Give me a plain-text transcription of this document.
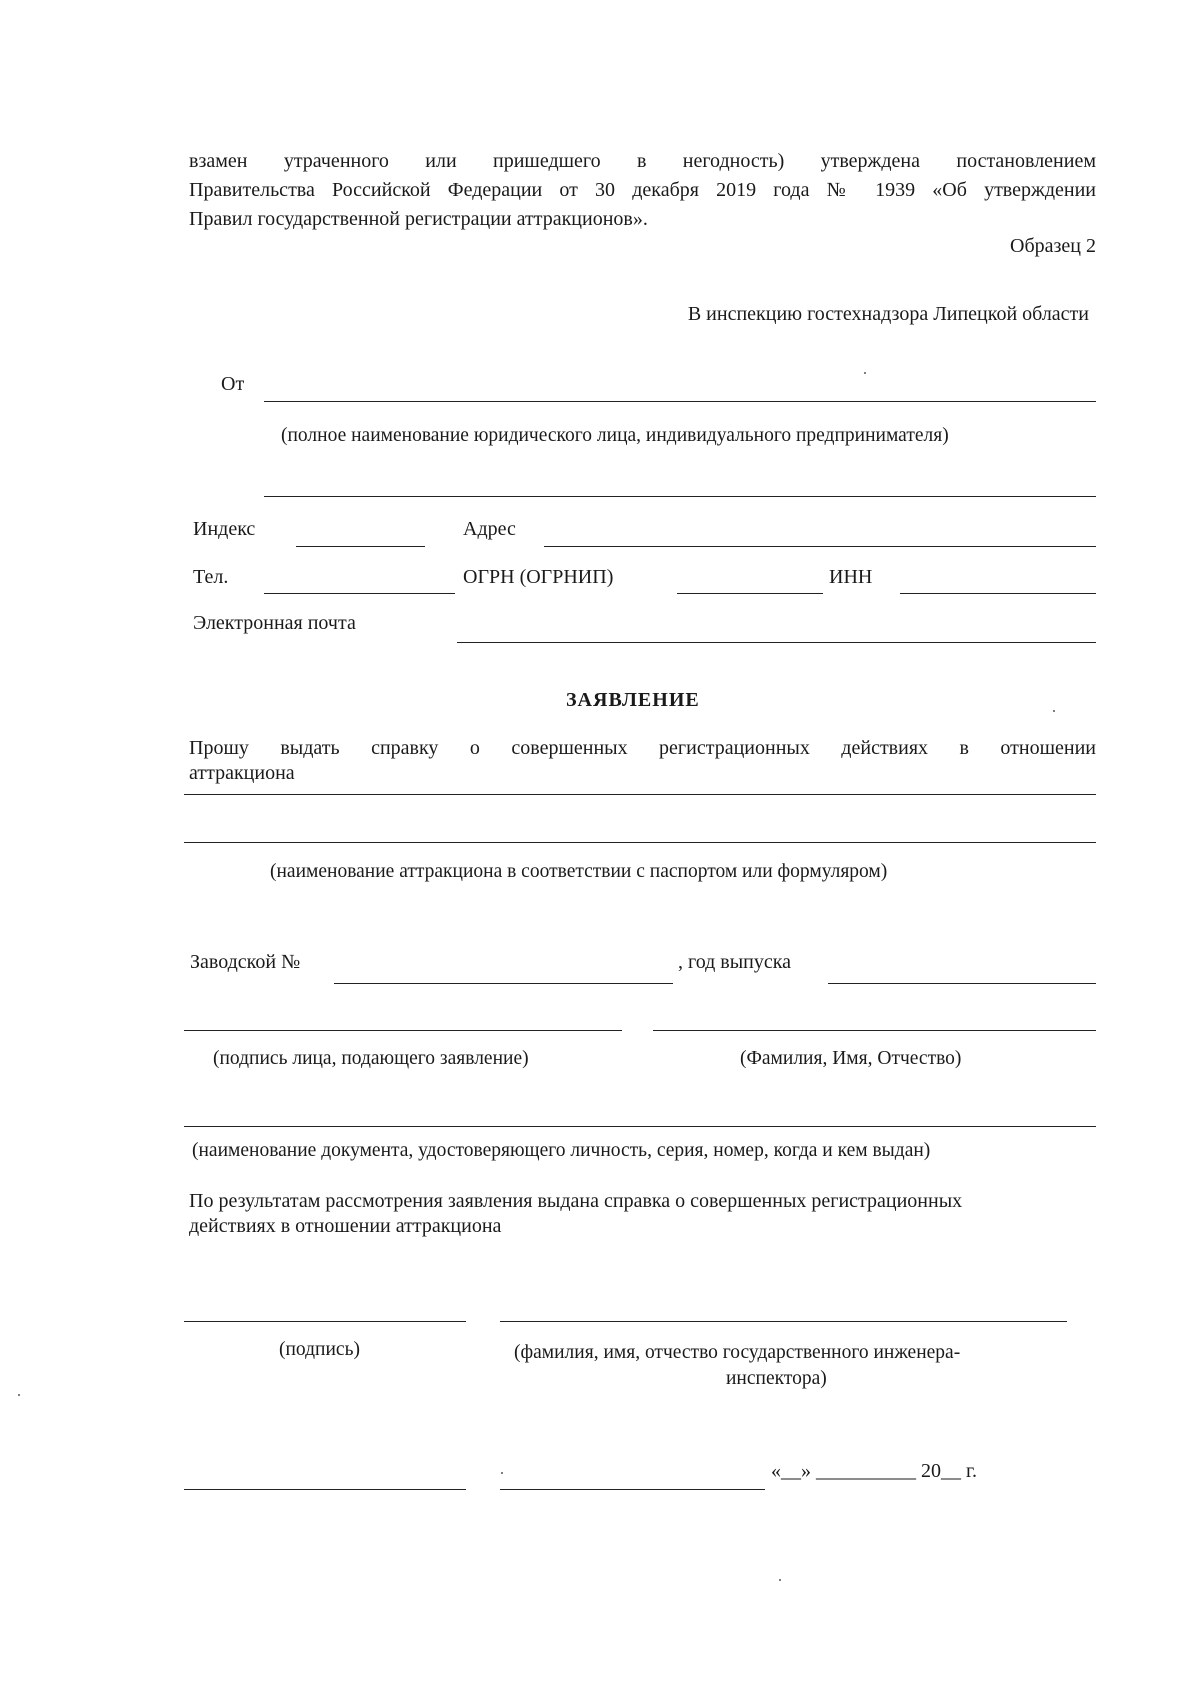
взамен утраченного или пришедшего в негодность) утверждена постановлением
Правительства Российской Федерации от 30 декабря 2019 года № 1939 «Об утверждении
Правил государственной регистрации аттракционов».
Образец 2
В инспекцию гостехнадзора Липецкой области
От
(полное наименование юридического лица, индивидуального предпринимателя)
Индекс	Адрес
Тел.	ОГРН (ОГРНИП)	ИНН
Электронная почта
ЗАЯВЛЕНИЕ
Прошу выдать справку о совершенных регистрационных действиях в отношении
аттракциона
(наименование аттракциона в соответствии с паспортом или формуляром)
Заводской №	, год выпуска
(подпись лица, подающего заявление)	(Фамилия, Имя, Отчество)
(наименование документа, удостоверяющего личность, серия, номер, когда и кем выдан)
По результатам рассмотрения заявления выдана справка о совершенных регистрационных
действиях в отношении аттракциона
(подпись)	(фамилия, имя, отчество государственного инженера-
инспектора)
«__» __________ 20__ г.
